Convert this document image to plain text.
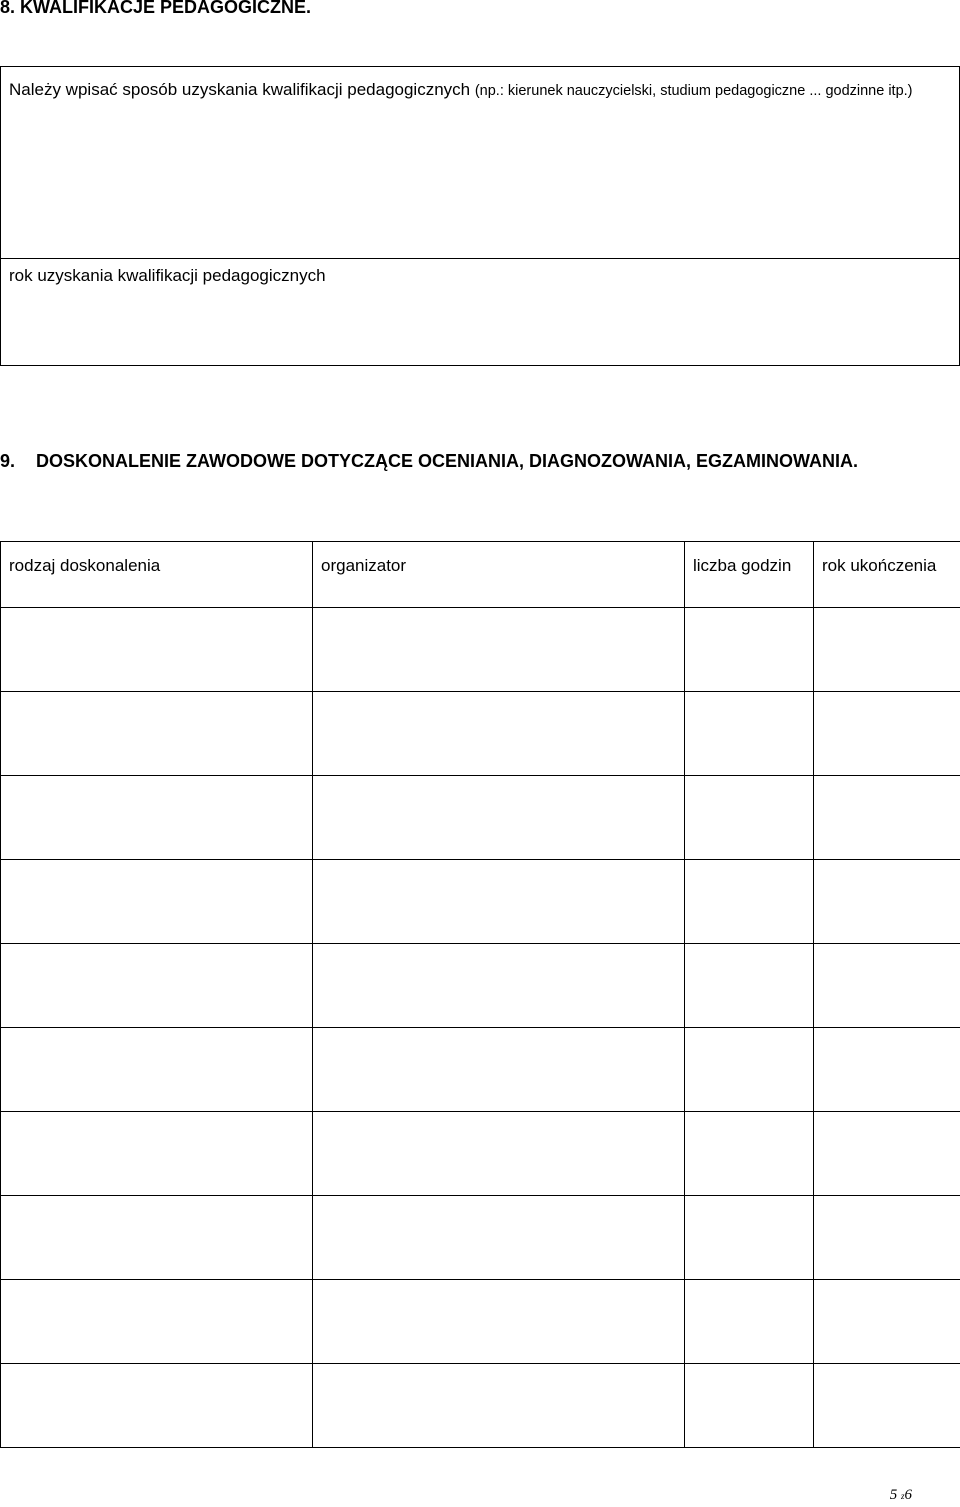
8. KWALIFIKACJE PEDAGOGICZNE.
Należy wpisać sposób uzyskania kwalifikacji pedagogicznych (np.: kierunek nauczycielski, studium pedagogiczne ... godzinne itp.)
rok uzyskania kwalifikacji pedagogicznych
9. DOSKONALENIE ZAWODOWE DOTYCZĄCE OCENIANIA, DIAGNOZOWANIA, EGZAMINOWANIA.
rodzaj doskonalenia	organizator	liczba godzin	rok ukończenia

5 z6
